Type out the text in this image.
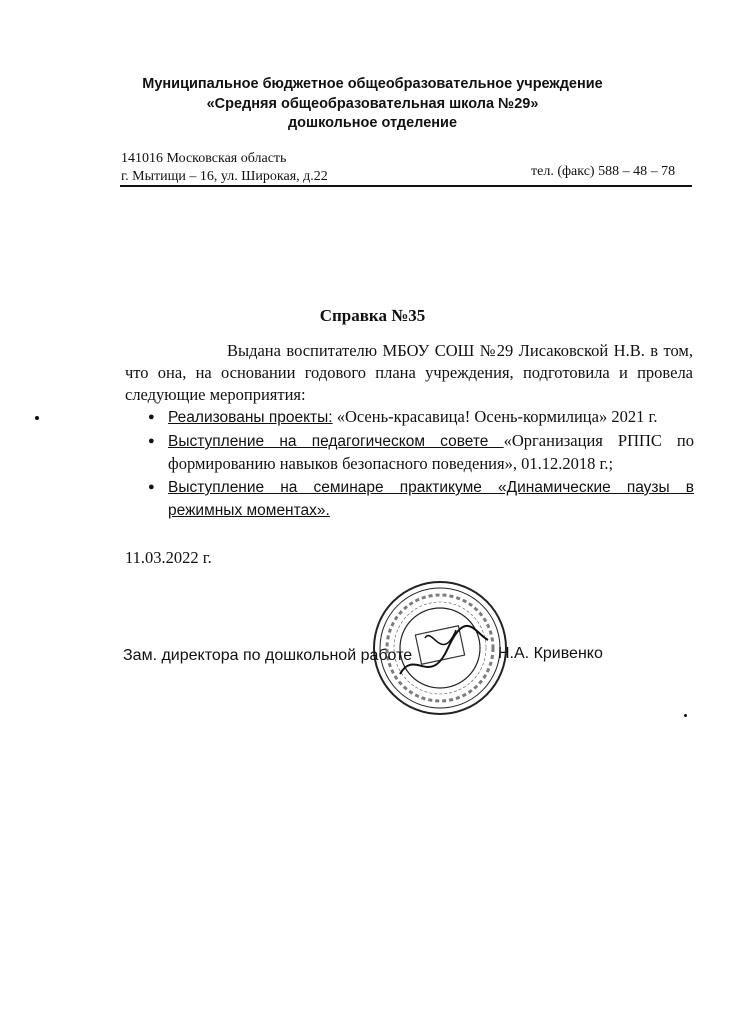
Муниципальное бюджетное общеобразовательное учреждение
«Средняя общеобразовательная школа №29»
дошкольное отделение
141016 Московская область
г. Мытищи – 16, ул. Широкая, д.22	тел. (факс) 588 – 48 – 78
Справка №35
Выдана воспитателю МБОУ СОШ №29 Лисаковской Н.В. в том, что она, на основании годового плана учреждения, подготовила и провела следующие мероприятия:
● Реализованы проекты: «Осень-красавица! Осень-кормилица» 2021 г.
● Выступление на педагогическом совете «Организация РППС по формированию навыков безопасного поведения», 01.12.2018 г.;
● Выступление на семинаре практикуме «Динамические паузы в режимных моментах».
11.03.2022 г.
Зам. директора по дошкольной работе	Н.А. Кривенко
